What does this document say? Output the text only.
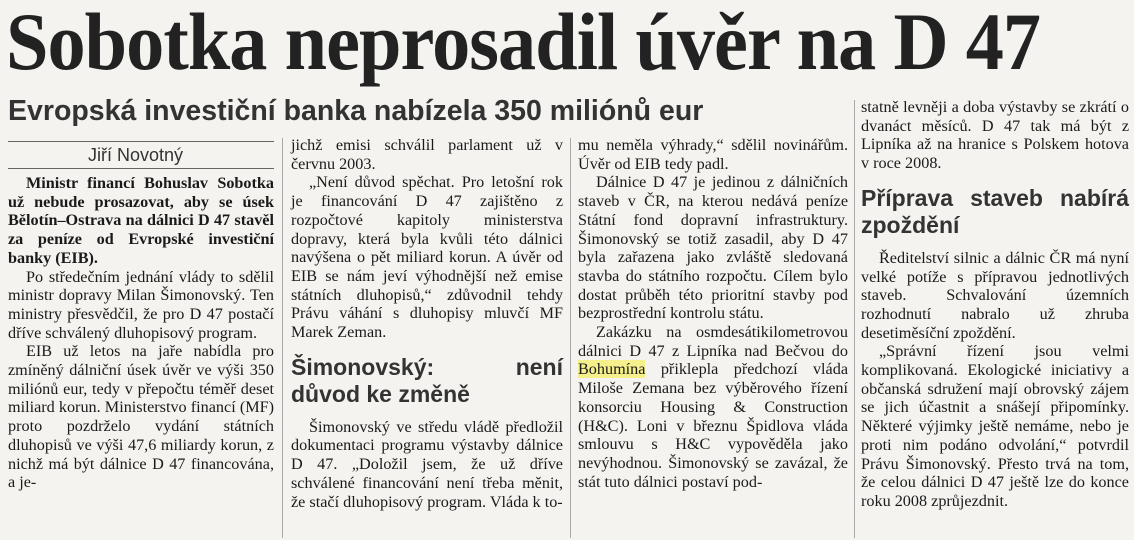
Sobotka neprosadil úvěr na D 47
Evropská investiční banka nabízela 350 miliónů eur
Jiří Novotný

Ministr financí Bohuslav Sobotka už nebude prosazovat, aby se úsek Bělotín–Ostrava na dálnici D 47 stavěl za peníze od Evropské investiční banky (EIB).

Po středečním jednání vlády to sdělil ministr dopravy Milan Šimonovský. Ten ministry přesvědčil, že pro D 47 postačí dříve schválený dluhopisový program.

EIB už letos na jaře nabídla pro zmíněný dálniční úsek úvěr ve výši 350 miliónů eur, tedy v přepočtu téměř deset miliard korun. Ministerstvo financí (MF) proto pozdrželo vydání státních dluhopisů ve výši 47,6 miliardy korun, z nichž má být dálnice D 47 financována, a je-

jichž emisi schválil parlament už v červnu 2003.

„Není důvod spěchat. Pro letošní rok je financování D 47 zajištěno z rozpočtové kapitoly ministerstva dopravy, která byla kvůli této dálnici navýšena o pět miliard korun. A úvěr od EIB se nám jeví výhodnější než emise státních dluhopisů,“ zdůvodnil tehdy Právu váhání s dluhopisy mluvčí MF Marek Zeman.

Šimonovský: není důvod ke změně

Šimonovský ve středu vládě předložil dokumentaci programu výstavby dálnice D 47. „Doložil jsem, že už dříve schválené financování není třeba měnit, že stačí dluhopisový program. Vláda k to-

mu neměla výhrady,“ sdělil novinářům. Úvěr od EIB tedy padl.

Dálnice D 47 je jedinou z dálničních staveb v ČR, na kterou nedává peníze Státní fond dopravní infrastruktury. Šimonovský se totiž zasadil, aby D 47 byla zařazena jako zvláště sledovaná stavba do státního rozpočtu. Cílem bylo dostat průběh této prioritní stavby pod bezprostřední kontrolu státu.

Zakázku na osmdesátikilometrovou dálnici D 47 z Lipníka nad Bečvou do Bohumína přiklepla předchozí vláda Miloše Zemana bez výběrového řízení konsorciu Housing & Construction (H&C). Loni v březnu Špidlova vláda smlouvu s H&C vypověděla jako nevýhodnou. Šimonovský se zavázal, že stát tuto dálnici postaví pod-

statně levněji a doba výstavby se zkrátí o dvanáct měsíců. D 47 tak má být z Lipníka až na hranice s Polskem hotova v roce 2008.

Příprava staveb nabírá zpoždění

Ředitelství silnic a dálnic ČR má nyní velké potíže s přípravou jednotlivých staveb. Schvalování územních rozhodnutí nabralo už zhruba desetiměsíční zpoždění.

„Správní řízení jsou velmi komplikovaná. Ekologické iniciativy a občanská sdružení mají obrovský zájem se jich účastnit a snášejí připomínky. Některé výjimky ještě nemáme, nebo je proti nim podáno odvolání,“ potvrdil Právu Šimonovský. Přesto trvá na tom, že celou dálnici D 47 ještě lze do konce roku 2008 zprůjezdnit.
